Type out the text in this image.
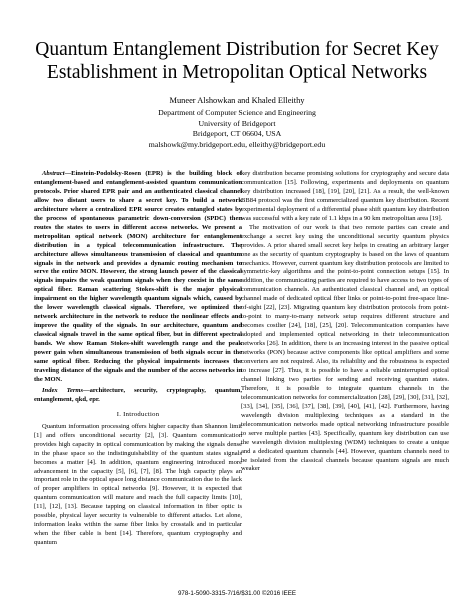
Quantum Entanglement Distribution for Secret Key Establishment in Metropolitan Optical Networks
Muneer Alshowkan and Khaled Elleithy
Department of Computer Science and Engineering
University of Bridgeport
Bridgeport, CT 06604, USA
malshowk@my.bridgeport.edu, elleithy@bridgeport.edu

Abstract—Einstein-Podolsky-Rosen (EPR) is the building block of entanglement-based and entanglement-assisted quantum communication protocols. Prior shared EPR pair and an authenticated classical channel allow two distant users to share a secret key. To build a network architecture where a centralized EPR source creates entangled states by the process of spontaneous parametric down-conversion (SPDC) then routes the states to users in different access networks. We present a metropolitan optical network (MON) architecture for entanglement distribution in a typical telecommunication infrastructure. The architecture allows simultaneous transmission of classical and quantum signals in the network and provides a dynamic routing mechanism to serve the entire MON. However, the strong launch power of the classical signals impairs the weak quantum signals when they coexist in the same optical fiber. Raman scattering Stokes-shift is the major physical impairment on the higher wavelength quantum signals which, caused by the lower wavelength classical signals. Therefore, we optimized the network architecture in the network to reduce the nonlinear effects and improve the quality of the signals. In our architecture, quantum and classical signals travel in the same optical fiber, but in different spectral bands. We show Raman Stokes-shift wavelength range and the peak power gain when simultaneous transmission of both signals occur in the same optical fiber. Reducing the physical impairments increases the traveling distance of the signals and the number of the access networks in the MON.

Index Terms—architecture, security, cryptography, quantum, entanglement, qkd, epr.

I. Introduction

Quantum information processing offers higher capacity than Shannon limit [1] and offers unconditional security [2], [3]. Quantum communication provides high capacity in optical communication by making the signals dense in the phase space so the indistinguishability of the quantum states signals becomes a matter [4]. In addition, quantum engineering introduced more advancement in the capacity [5], [6], [7], [8]. The high capacity plays an important role in the optical space long distance communication due to the lack of proper amplifiers in optical networks [9]. However, it is expected that quantum communication will mature and reach the full capacity limits [10], [11], [12], [13]. Because tapping on classical information in fiber optic is possible, physical layer security is vulnerable to different attacks. Let alone, information leaks within the same fiber links by crosstalk and in particular when the fiber cable is bent [14]. Therefore, quantum cryptography and quantum

key distribution became promising solutions for cryptography and secure data communication [15]. Following, experiments and deployments on quantum key distribution increased [18], [19], [20], [21]. As a result, the well-known BB84 protocol was the first commercialized quantum key distribution. Recent experimental deployment of a differential phase shift quantum key distribution was successful with a key rate of 1.1 kbps in a 90 km metropolitan area [19].

The motivation of our work is that two remote parties can create and exchange a secret key using the unconditional security quantum physics provides. A prior shared small secret key helps in creating an arbitrary larger one as the security of quantum cryptography is based on the laws of quantum mechanics. However, current quantum key distribution protocols are limited to symmetric-key algorithms and the point-to-point connection setups [15]. In addition, the communicating parties are required to have access to two types of communication channels. An authenticated classical channel and, an optical channel made of dedicated optical fiber links or point-to-point free-space line-of-sight [22], [23]. Migrating quantum key distribution protocols from point-to-point to many-to-many network setup requires different structure and becomes costlier [24], [18], [25], [20]. Telecommunication companies have adopted and implemented optical networking in their telecommunication networks [26]. In addition, there is an increasing interest in the passive optical networks (PON) because active components like optical amplifiers and some converters are not required. Also, its reliability and the robustness is expected to increase [27]. Thus, it is possible to have a reliable uninterrupted optical channel linking two parties for sending and receiving quantum states. Therefore, it is possible to integrate quantum channels in the telecommunication networks for commercialization [28], [29], [30], [31], [32], [33], [34], [35], [36], [37], [38], [39], [40], [41], [42]. Furthermore, having wavelength division multiplexing techniques as a standard in the telecommunication networks made optical networking infrastructure possible to serve multiple parties [43]. Specifically, quantum key distribution can use the wavelength division multiplexing (WDM) techniques to create a unique and a dedicated quantum channels [44]. However, quantum channels need to be isolated from the classical channels because quantum signals are much weaker

978-1-5090-3315-7/16/$31.00 ©2016 IEEE
